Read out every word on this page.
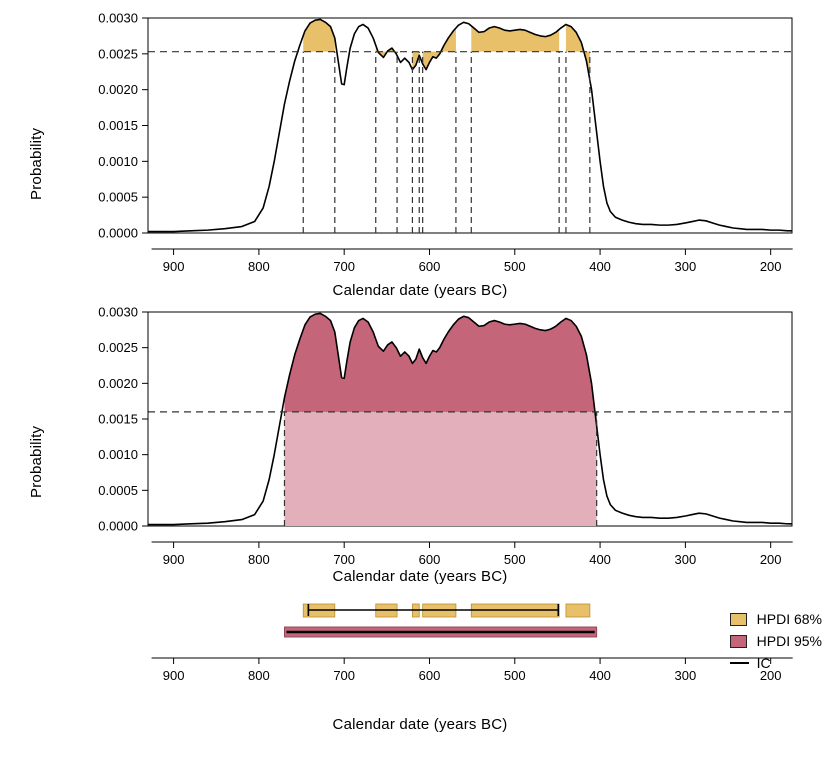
Probability
0.0000
0.0005
0.0010
0.0015
0.0020
0.0025
0.0030
900	800	700	600	500	400	300	200
Calendar date (years BC)
Probability
0.0000
0.0005
0.0010
0.0015
0.0020
0.0025
0.0030
900	800	700	600	500	400	300	200
Calendar date (years BC)
900	800	700	600	500	400	300	200
Calendar date (years BC)
HPDI 68%
HPDI 95%
IC
